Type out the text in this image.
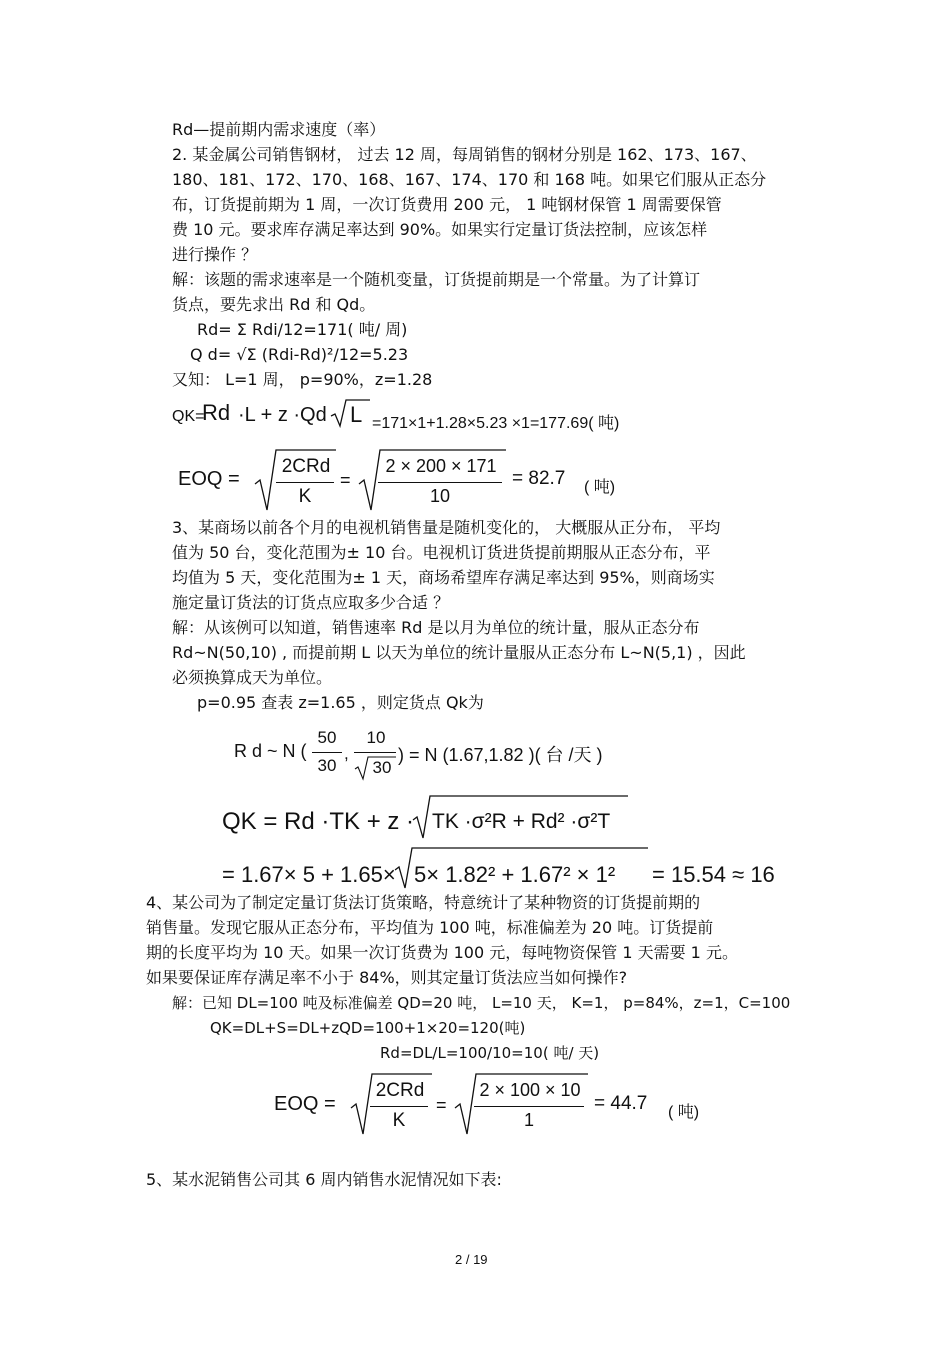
Rd—提前期内需求速度（率）
2. 某金属公司销售钢材， 过去 12 周，每周销售的钢材分别是 162、173、167、
180、181、172、170、168、167、174、170 和 168 吨。如果它们服从正态分
布，订货提前期为 1 周，一次订货费用 200 元， 1 吨钢材保管 1 周需要保管
费 10 元。要求库存满足率达到 90%。如果实行定量订货法控制，应该怎样
进行操作 ？
解：该题的需求速率是一个随机变量，订货提前期是一个常量。为了计算订
货点，要先求出 Rd 和 Qd。
Rd= Σ Rdi/12=171( 吨/ 周)
Q d= √Σ (Rdi-Rd)²/12=5.23
又知： L=1 周， p=90%，z=1.28
QK=
Rd ·L + z ·Qd L =171×1+1.28×5.23 ×1=177.69( 吨)
EOQ =
2CRd
K
=
2 × 200 × 171
10
= 82.7 ( 吨)
3、某商场以前各个月的电视机销售量是随机变化的， 大概服从正分布， 平均
值为 50 台，变化范围为± 10 台。电视机订货进货提前期服从正态分布，平
均值为 5 天，变化范围为± 1 天，商场希望库存满足率达到 95%，则商场实
施定量订货法的订货点应取多少合适 ？
解：从该例可以知道，销售速率 Rd 是以月为单位的统计量，服从正态分布
Rd~N(50,10) , 而提前期 L 以天为单位的统计量服从正态分布 L~N(5,1) ，因此
必须换算成天为单位。
p=0.95 查表 z=1.65 ，则定货点 Qk为
R d ~ N (
50
30
,
10
30
) = N (1.67,1.82 )( 台 /天 )
QK = Rd ·TK + z · TK ·σ²R + Rd² ·σ²T
= 1.67× 5 + 1.65× 5× 1.82² + 1.67² × 1² = 15.54 ≈ 16
4、某公司为了制定定量订货法订货策略，特意统计了某种物资的订货提前期的
销售量。发现它服从正态分布，平均值为 100 吨，标准偏差为 20 吨。订货提前
期的长度平均为 10 天。如果一次订货费为 100 元，每吨物资保管 1 天需要 1 元。
如果要保证库存满足率不小于 84%，则其定量订货法应当如何操作?
解：已知 DL=100 吨及标准偏差 QD=20 吨， L=10 天， K=1， p=84%，z=1，C=100
QK=DL+S=DL+zQD=100+1×20=120(吨)
Rd=DL/L=100/10=10( 吨/ 天)
EOQ =
2CRd
K
=
2 × 100 × 10
1
= 44.7 ( 吨)
5、某水泥销售公司其 6 周内销售水泥情况如下表:
2 / 19
